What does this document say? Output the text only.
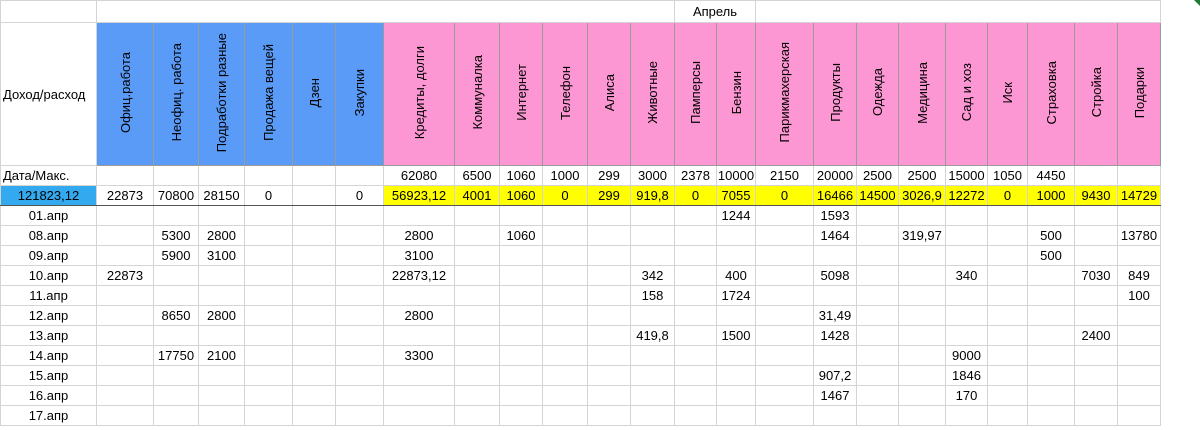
													Апрель										
Доход/расход	Офиц.работа	Неофиц. работа	Подработки разные	Продажа вещей	Дзен	Закупки	Кредиты, долги	Коммуналка	Интернет	Телефон	Алиса	Животные	Памперсы	Бензин	Парикмахерская	Продукты	Одежда	Медицина	Сад и хоз	Иск	Страховка	Стройка	Подарки
Дата/Макс.							62080	6500	1060	1000	299	3000	2378	10000	2150	20000	2500	2500	15000	1050	4450		
121823,12	22873	70800	28150	0		0	56923,12	4001	1060	0	299	919,8	0	7055	0	16466	14500	3026,9	12272	0	1000	9430	14729
01.апр														1244		1593							
08.апр		5300	2800				2800		1060							1464		319,97			500		13780
09.апр		5900	3100				3100														500		
10.апр	22873						22873,12					342		400		5098			340			7030	849
11.апр												158		1724									100
12.апр		8650	2800				2800									31,49							
13.апр												419,8		1500		1428						2400	
14.апр		17750	2100				3300												9000				
15.апр																907,2			1846				
16.апр																1467			170				
17.апр																							
